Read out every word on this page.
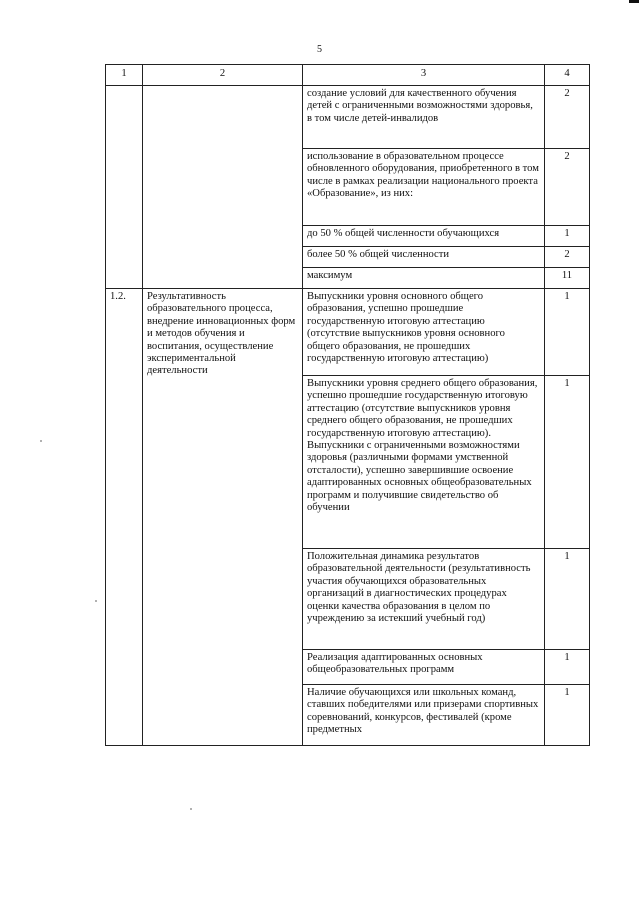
5
1	2	3	4
		создание условий для качественного обучения детей с ограниченными возможностями здоровья, в том числе детей-инвалидов	2
		использование в образовательном процессе обновленного оборудования, приобретенного в том числе в рамках реализации национального проекта «Образование», из них:	2
		до 50 % общей численности обучающихся	1
		более 50 % общей численности	2
		максимум	11
1.2.	Результативность образовательного процесса, внедрение инновационных форм и методов обучения и воспитания, осуществление экспериментальной деятельности	Выпускники уровня основного общего образования, успешно прошедшие государственную итоговую аттестацию (отсутствие выпускников уровня основного общего образования, не прошедших государственную итоговую аттестацию)	1
		Выпускники уровня среднего общего образования, успешно прошедшие государственную итоговую аттестацию (отсутствие выпускников уровня среднего общего образования, не прошедших государственную итоговую аттестацию). Выпускники с ограниченными возможностями здоровья (различными формами умственной отсталости), успешно завершившие освоение адаптированных основных общеобразовательных программ и получившие свидетельство об обучении	1
		Положительная динамика результатов образовательной деятельности (результативность участия обучающихся образовательных организаций в диагностических процедурах оценки качества образования в целом по учреждению за истекший учебный год)	1
		Реализация адаптированных основных общеобразовательных программ	1
		Наличие обучающихся или школьных команд, ставших победителями или призерами спортивных соревнований, конкурсов, фестивалей (кроме предметных	1
